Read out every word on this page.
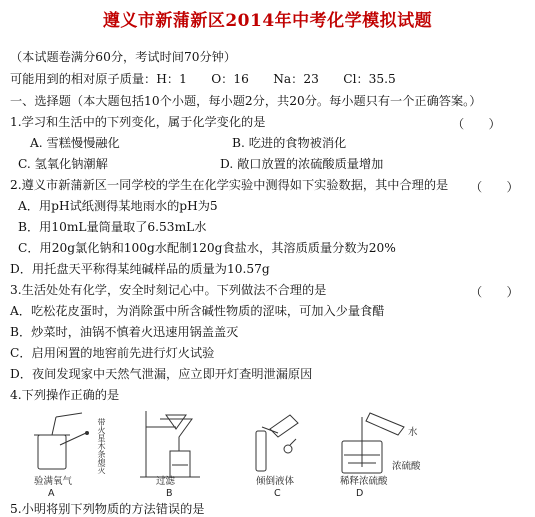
遵义市新蒲新区2014年中考化学模拟试题
（本试题卷满分60分，考试时间70分钟）
可能用到的相对原子质量：H：1　　O：16　　Na：23　　Cl：35.5
一、选择题（本大题包括10个小题，每小题2分，共20分。每小题只有一个正确答案。）
1.学习和生活中的下列变化，属于化学变化的是	（　　）
A. 雪糕慢慢融化	B. 吃进的食物被消化
C. 氢氧化钠潮解	D. 敞口放置的浓硫酸质量增加
2.遵义市新蒲新区一同学校的学生在化学实验中测得如下实验数据，其中合理的是 （　　）
A．用pH试纸测得某地雨水的pH为5
B．用10mL量筒量取了6.53mL水
C．用20g氯化钠和100g水配制120g食盐水，其溶质质量分数为20%
D．用托盘天平称得某纯碱样品的质量为10.57g
3.生活处处有化学，安全时刻记心中。下列做法不合理的是	（　　）
A．吃松花皮蛋时，为消除蛋中所含碱性物质的涩味，可加入少量食醋
B．炒菜时，油锅不慎着火迅速用锅盖盖灭
C．启用闲置的地窖前先进行灯火试验
D．夜间发现家中天然气泄漏，应立即开灯查明泄漏原因
4.下列操作正确的是
带火星木条熄灭
验满氧气
A
过滤
B
倾倒液体
C
水
浓硫酸
稀释浓硫酸
D
5.小明将别下列物质的方法错误的是
